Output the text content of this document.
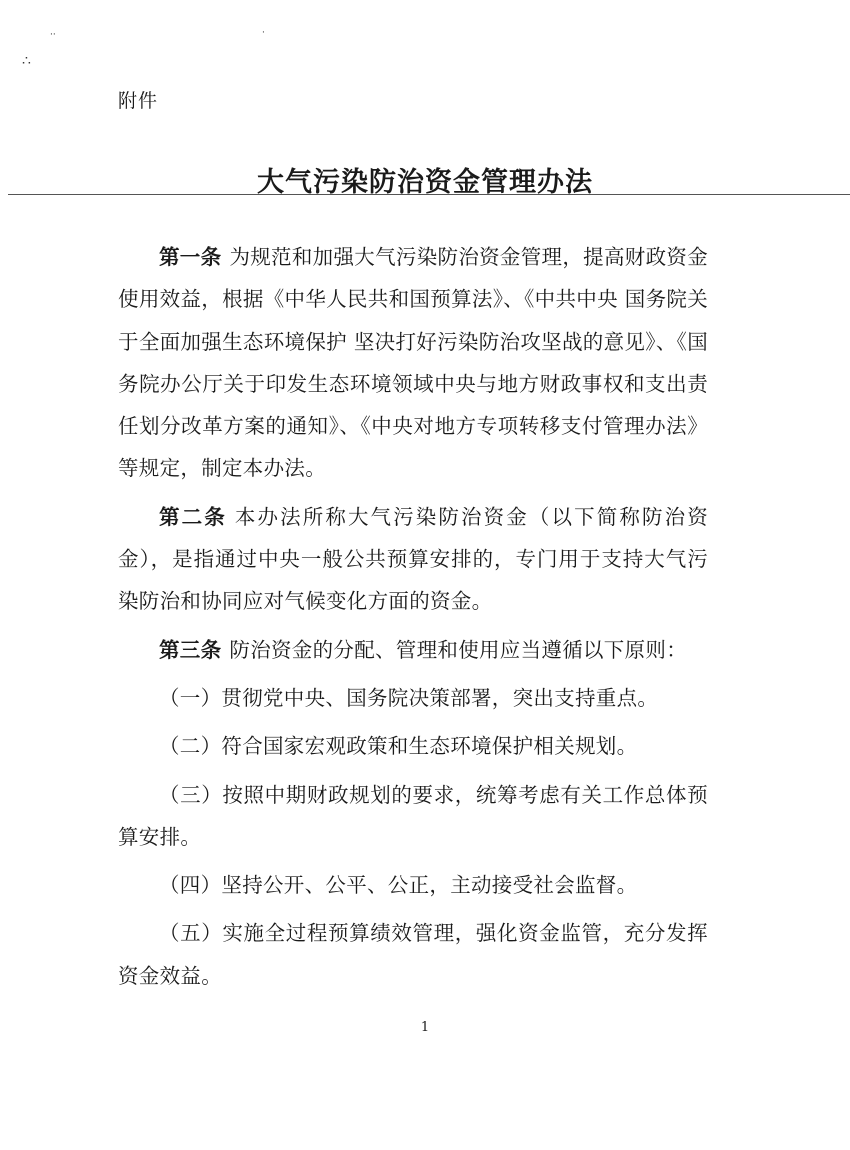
··	·
∴
附件
大气污染防治资金管理办法

第一条 为规范和加强大气污染防治资金管理，提高财政资金使用效益，根据《中华人民共和国预算法》、《中共中央 国务院关于全面加强生态环境保护 坚决打好污染防治攻坚战的意见》、《国务院办公厅关于印发生态环境领域中央与地方财政事权和支出责任划分改革方案的通知》、《中央对地方专项转移支付管理办法》等规定，制定本办法。

第二条 本办法所称大气污染防治资金（以下简称防治资金），是指通过中央一般公共预算安排的，专门用于支持大气污染防治和协同应对气候变化方面的资金。

第三条 防治资金的分配、管理和使用应当遵循以下原则：

（一）贯彻党中央、国务院决策部署，突出支持重点。

（二）符合国家宏观政策和生态环境保护相关规划。

（三）按照中期财政规划的要求，统筹考虑有关工作总体预算安排。

（四）坚持公开、公平、公正，主动接受社会监督。

（五）实施全过程预算绩效管理，强化资金监管，充分发挥资金效益。

1
